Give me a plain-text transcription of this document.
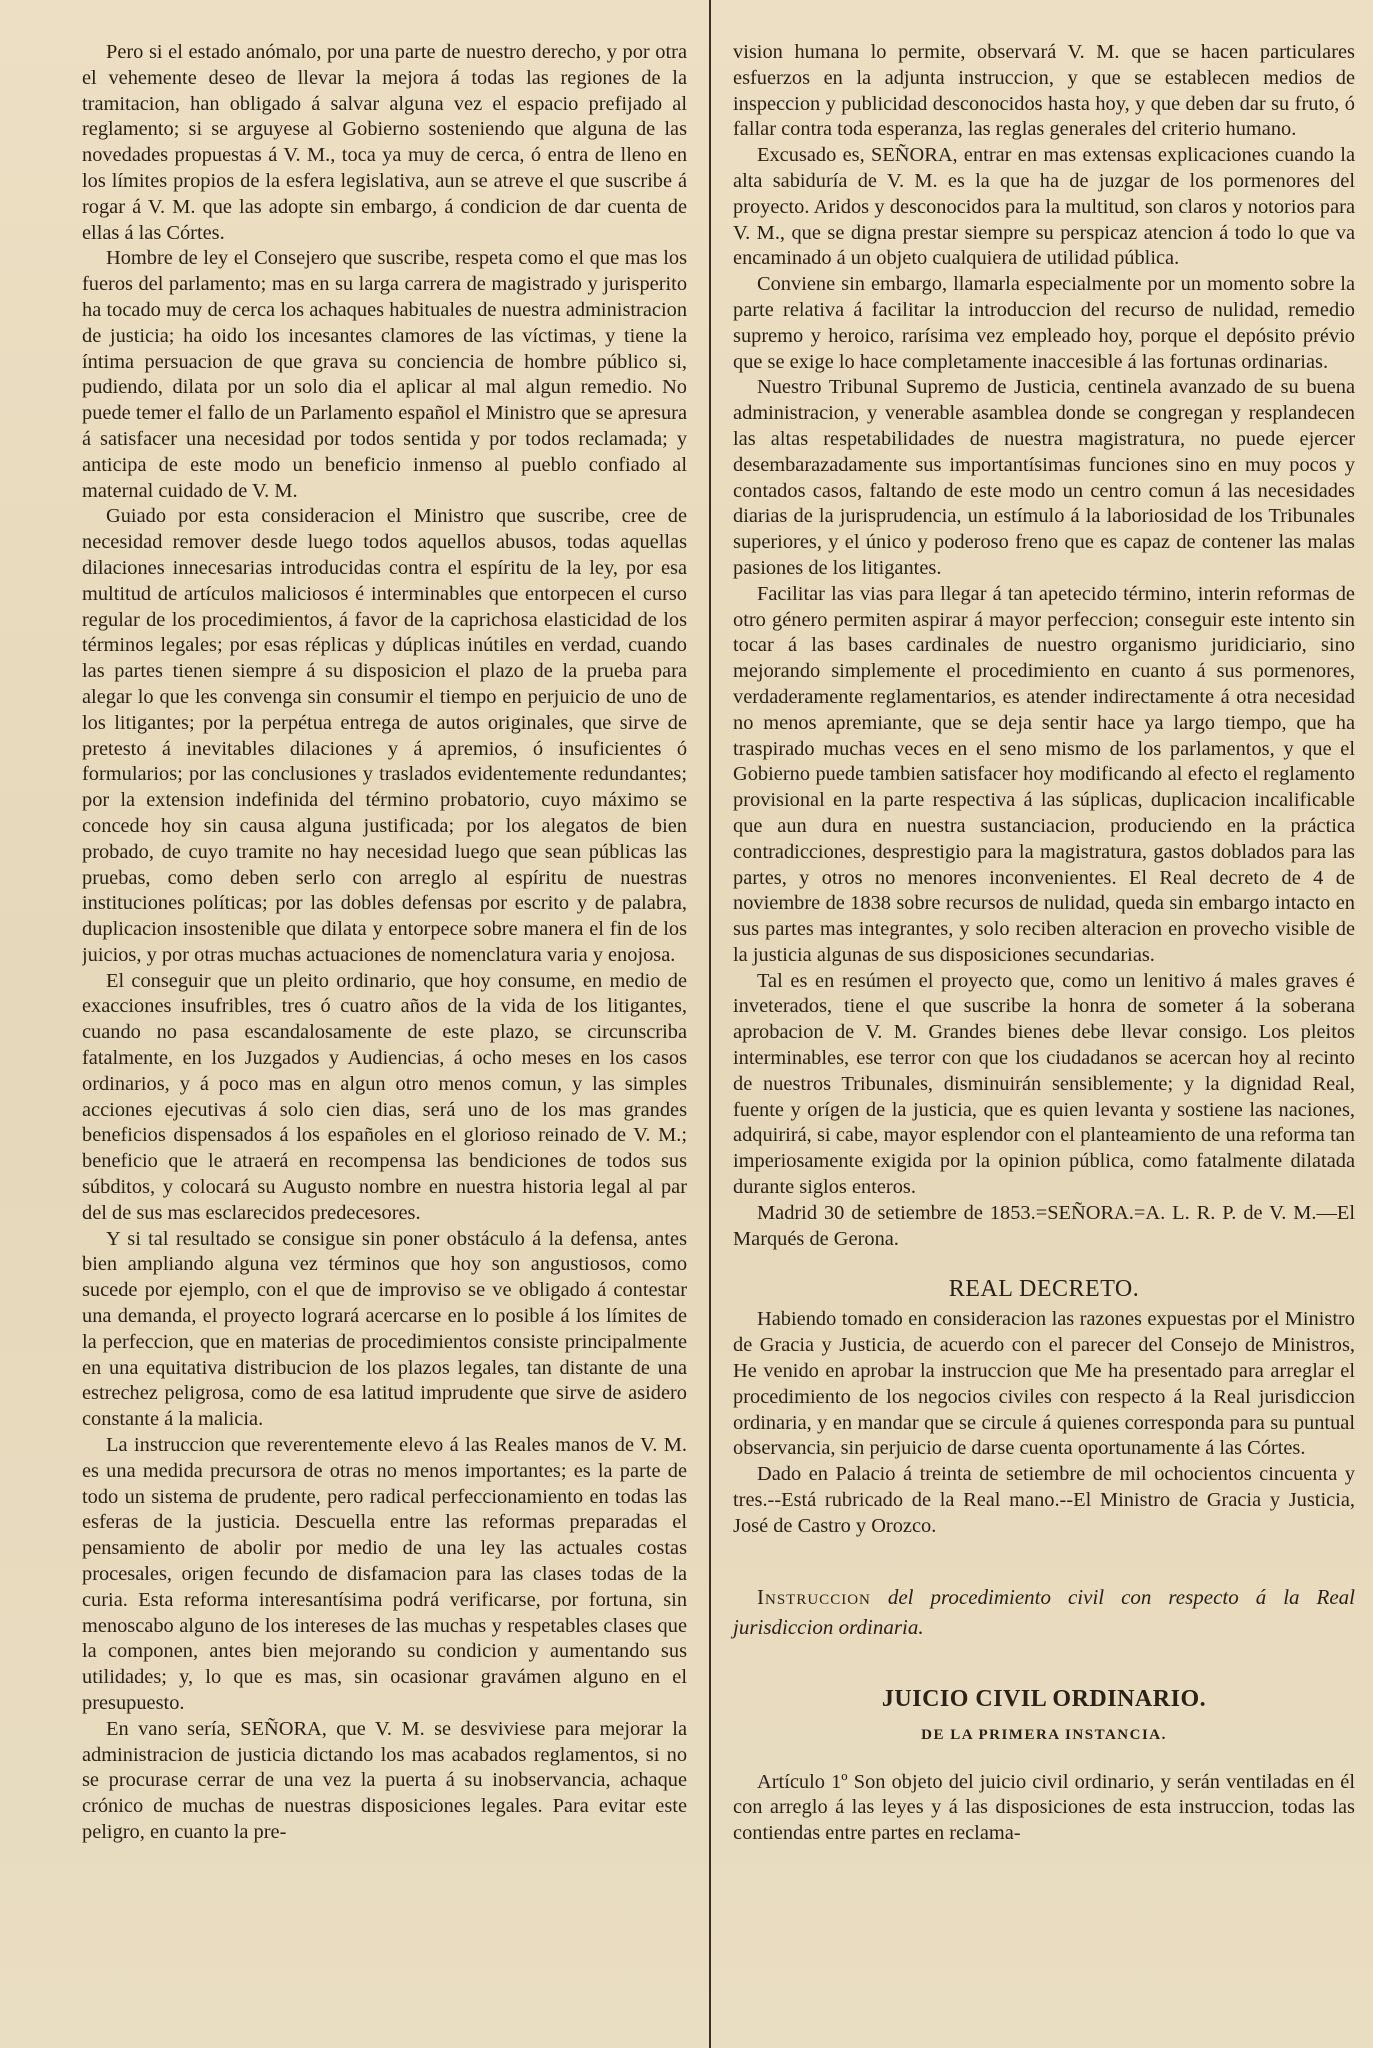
Pero si el estado anómalo, por una parte de nuestro derecho, y por otra el vehemente deseo de llevar la mejora á todas las regiones de la tramitacion, han obligado á salvar alguna vez el espacio prefijado al reglamento; si se arguyese al Gobierno sosteniendo que alguna de las novedades propuestas á V. M., toca ya muy de cerca, ó entra de lleno en los límites propios de la esfera legislativa, aun se atreve el que suscribe á rogar á V. M. que las adopte sin embargo, á condicion de dar cuenta de ellas á las Córtes.

Hombre de ley el Consejero que suscribe, respeta como el que mas los fueros del parlamento; mas en su larga carrera de magistrado y jurisperito ha tocado muy de cerca los achaques habituales de nuestra administracion de justicia; ha oido los incesantes clamores de las víctimas, y tiene la íntima persuacion de que grava su conciencia de hombre público si, pudiendo, dilata por un solo dia el aplicar al mal algun remedio. No puede temer el fallo de un Parlamento español el Ministro que se apresura á satisfacer una necesidad por todos sentida y por todos reclamada; y anticipa de este modo un beneficio inmenso al pueblo confiado al maternal cuidado de V. M.

Guiado por esta consideracion el Ministro que suscribe, cree de necesidad remover desde luego todos aquellos abusos, todas aquellas dilaciones innecesarias introducidas contra el espíritu de la ley, por esa multitud de artículos maliciosos é interminables que entorpecen el curso regular de los procedimientos, á favor de la caprichosa elasticidad de los términos legales; por esas réplicas y dúplicas inútiles en verdad, cuando las partes tienen siempre á su disposicion el plazo de la prueba para alegar lo que les convenga sin consumir el tiempo en perjuicio de uno de los litigantes; por la perpétua entrega de autos originales, que sirve de pretesto á inevitables dilaciones y á apremios, ó insuficientes ó formularios; por las conclusiones y traslados evidentemente redundantes; por la extension indefinida del término probatorio, cuyo máximo se concede hoy sin causa alguna justificada; por los alegatos de bien probado, de cuyo tramite no hay necesidad luego que sean públicas las pruebas, como deben serlo con arreglo al espíritu de nuestras instituciones políticas; por las dobles defensas por escrito y de palabra, duplicacion insostenible que dilata y entorpece sobre manera el fin de los juicios, y por otras muchas actuaciones de nomenclatura varia y enojosa.

El conseguir que un pleito ordinario, que hoy consume, en medio de exacciones insufribles, tres ó cuatro años de la vida de los litigantes, cuando no pasa escandalosamente de este plazo, se circunscriba fatalmente, en los Juzgados y Audiencias, á ocho meses en los casos ordinarios, y á poco mas en algun otro menos comun, y las simples acciones ejecutivas á solo cien dias, será uno de los mas grandes beneficios dispensados á los españoles en el glorioso reinado de V. M.; beneficio que le atraerá en recompensa las bendiciones de todos sus súbditos, y colocará su Augusto nombre en nuestra historia legal al par del de sus mas esclarecidos predecesores.

Y si tal resultado se consigue sin poner obstáculo á la defensa, antes bien ampliando alguna vez términos que hoy son angustiosos, como sucede por ejemplo, con el que de improviso se ve obligado á contestar una demanda, el proyecto logrará acercarse en lo posible á los límites de la perfeccion, que en materias de procedimientos consiste principalmente en una equitativa distribucion de los plazos legales, tan distante de una estrechez peligrosa, como de esa latitud imprudente que sirve de asidero constante á la malicia.

La instruccion que reverentemente elevo á las Reales manos de V. M. es una medida precursora de otras no menos importantes; es la parte de todo un sistema de prudente, pero radical perfeccionamiento en todas las esferas de la justicia. Descuella entre las reformas preparadas el pensamiento de abolir por medio de una ley las actuales costas procesales, origen fecundo de disfamacion para las clases todas de la curia. Esta reforma interesantísima podrá verificarse, por fortuna, sin menoscabo alguno de los intereses de las muchas y respetables clases que la componen, antes bien mejorando su condicion y aumentando sus utilidades; y, lo que es mas, sin ocasionar gravámen alguno en el presupuesto.

En vano sería, SEÑORA, que V. M. se desviviese para mejorar la administracion de justicia dictando los mas acabados reglamentos, si no se procurase cerrar de una vez la puerta á su inobservancia, achaque crónico de muchas de nuestras disposiciones legales. Para evitar este peligro, en cuanto la pre-

vision humana lo permite, observará V. M. que se hacen particulares esfuerzos en la adjunta instruccion, y que se establecen medios de inspeccion y publicidad desconocidos hasta hoy, y que deben dar su fruto, ó fallar contra toda esperanza, las reglas generales del criterio humano.

Excusado es, SEÑORA, entrar en mas extensas explicaciones cuando la alta sabiduría de V. M. es la que ha de juzgar de los pormenores del proyecto. Aridos y desconocidos para la multitud, son claros y notorios para V. M., que se digna prestar siempre su perspicaz atencion á todo lo que va encaminado á un objeto cualquiera de utilidad pública.

Conviene sin embargo, llamarla especialmente por un momento sobre la parte relativa á facilitar la introduccion del recurso de nulidad, remedio supremo y heroico, rarísima vez empleado hoy, porque el depósito prévio que se exige lo hace completamente inaccesible á las fortunas ordinarias.

Nuestro Tribunal Supremo de Justicia, centinela avanzado de su buena administracion, y venerable asamblea donde se congregan y resplandecen las altas respetabilidades de nuestra magistratura, no puede ejercer desembarazadamente sus importantísimas funciones sino en muy pocos y contados casos, faltando de este modo un centro comun á las necesidades diarias de la jurisprudencia, un estímulo á la laboriosidad de los Tribunales superiores, y el único y poderoso freno que es capaz de contener las malas pasiones de los litigantes.

Facilitar las vias para llegar á tan apetecido término, interin reformas de otro género permiten aspirar á mayor perfeccion; conseguir este intento sin tocar á las bases cardinales de nuestro organismo juridiciario, sino mejorando simplemente el procedimiento en cuanto á sus pormenores, verdaderamente reglamentarios, es atender indirectamente á otra necesidad no menos apremiante, que se deja sentir hace ya largo tiempo, que ha traspirado muchas veces en el seno mismo de los parlamentos, y que el Gobierno puede tambien satisfacer hoy modificando al efecto el reglamento provisional en la parte respectiva á las súplicas, duplicacion incalificable que aun dura en nuestra sustanciacion, produciendo en la práctica contradicciones, desprestigio para la magistratura, gastos doblados para las partes, y otros no menores inconvenientes. El Real decreto de 4 de noviembre de 1838 sobre recursos de nulidad, queda sin embargo intacto en sus partes mas integrantes, y solo reciben alteracion en provecho visible de la justicia algunas de sus disposiciones secundarias.

Tal es en resúmen el proyecto que, como un lenitivo á males graves é inveterados, tiene el que suscribe la honra de someter á la soberana aprobacion de V. M. Grandes bienes debe llevar consigo. Los pleitos interminables, ese terror con que los ciudadanos se acercan hoy al recinto de nuestros Tribunales, disminuirán sensiblemente; y la dignidad Real, fuente y orígen de la justicia, que es quien levanta y sostiene las naciones, adquirirá, si cabe, mayor esplendor con el planteamiento de una reforma tan imperiosamente exigida por la opinion pública, como fatalmente dilatada durante siglos enteros.

Madrid 30 de setiembre de 1853.=SEÑORA.=A. L. R. P. de V. M.—El Marqués de Gerona.

REAL DECRETO.

Habiendo tomado en consideracion las razones expuestas por el Ministro de Gracia y Justicia, de acuerdo con el parecer del Consejo de Ministros, He venido en aprobar la instruccion que Me ha presentado para arreglar el procedimiento de los negocios civiles con respecto á la Real jurisdiccion ordinaria, y en mandar que se circule á quienes corresponda para su puntual observancia, sin perjuicio de darse cuenta oportunamente á las Córtes.

Dado en Palacio á treinta de setiembre de mil ochocientos cincuenta y tres.--Está rubricado de la Real mano.--El Ministro de Gracia y Justicia, José de Castro y Orozco.

Instruccion del procedimiento civil con respecto á la Real jurisdiccion ordinaria.

JUICIO CIVIL ORDINARIO.
DE LA PRIMERA INSTANCIA.

Artículo 1º Son objeto del juicio civil ordinario, y serán ventiladas en él con arreglo á las leyes y á las disposiciones de esta instruccion, todas las contiendas entre partes en reclama-
